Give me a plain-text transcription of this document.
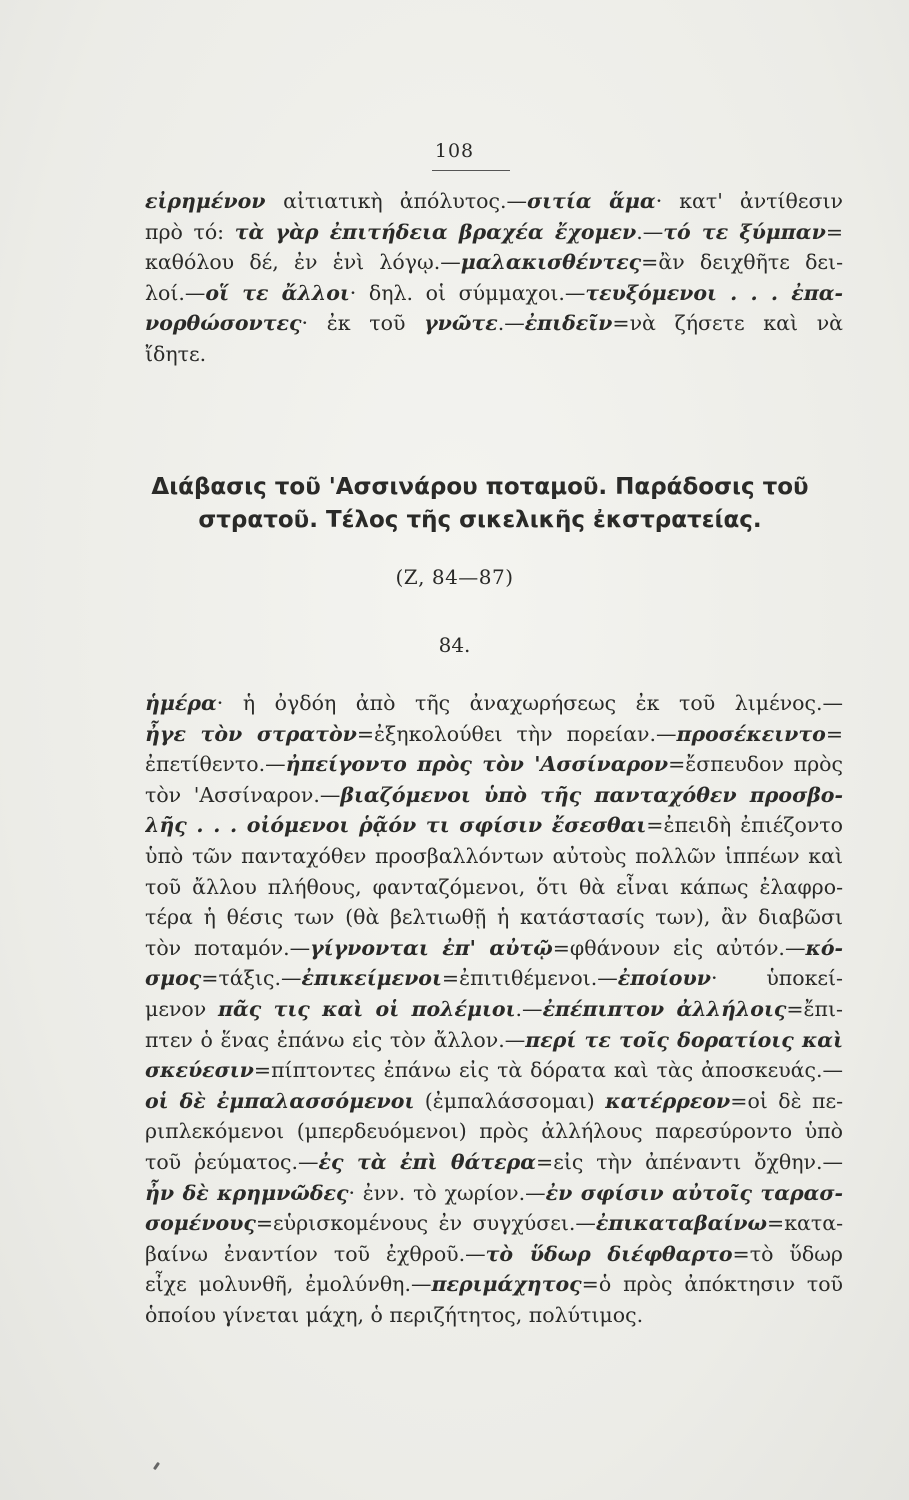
108
εἰρημένον αἰτιατικὴ ἀπόλυτος.—σιτία ἅμα· κατ' ἀντίθεσιν
πρὸ τό: τὰ γὰρ ἐπιτήδεια βραχέα ἔχομεν.—τό τε ξύμπαν=
καθόλου δέ, ἐν ἑνὶ λόγῳ.—μαλακισθέντες=ἂν δειχθῆτε δει-
λοί.—οἵ τε ἄλλοι· δηλ. οἱ σύμμαχοι.—τευξόμενοι . . . ἐπα-
νορθώσοντες· ἐκ τοῦ γνῶτε.—ἐπιδεῖν=νὰ ζήσετε καὶ νὰ
ἴδητε.
Διάβασις τοῦ 'Ασσινάρου ποταμοῦ. Παράδοσις τοῦ
στρατοῦ. Τέλος τῆς σικελικῆς ἐκστρατείας.
(Ζ, 84—87)
84.
ἡμέρα· ἡ ὀγδόη ἀπὸ τῆς ἀναχωρήσεως ἐκ τοῦ λιμένος.—
ἦγε τὸν στρατὸν=ἐξηκολούθει τὴν πορείαν.—προσέκειντο=
ἐπετίθεντο.—ἠπείγοντο πρὸς τὸν 'Ασσίναρον=ἔσπευδον πρὸς
τὸν 'Ασσίναρον.—βιαζόμενοι ὑπὸ τῆς πανταχόθεν προσβο-
λῆς . . . οἰόμενοι ῥᾷόν τι σφίσιν ἔσεσθαι=ἐπειδὴ ἐπιέζοντο
ὑπὸ τῶν πανταχόθεν προσβαλλόντων αὐτοὺς πολλῶν ἱππέων καὶ
τοῦ ἄλλου πλήθους, φανταζόμενοι, ὅτι θὰ εἶναι κάπως ἐλαφρο-
τέρα ἡ θέσις των (θὰ βελτιωθῇ ἡ κατάστασίς των), ἂν διαβῶσι
τὸν ποταμόν.—γίγνονται ἐπ' αὐτῷ=φθάνουν εἰς αὐτόν.—κό-
σμος=τάξις.—ἐπικείμενοι=ἐπιτιθέμενοι.—ἐποίουν· ὑποκεί-
μενον πᾶς τις καὶ οἱ πολέμιοι.—ἐπέπιπτον ἀλλήλοις=ἔπι-
πτεν ὁ ἕνας ἐπάνω εἰς τὸν ἄλλον.—περί τε τοῖς δορατίοις καὶ
σκεύεσιν=πίπτοντες ἐπάνω εἰς τὰ δόρατα καὶ τὰς ἀποσκευάς.—
οἱ δὲ ἐμπαλασσόμενοι (ἐμπαλάσσομαι) κατέρρεον=οἱ δὲ πε-
ριπλεκόμενοι (μπερδευόμενοι) πρὸς ἀλλήλους παρεσύροντο ὑπὸ
τοῦ ῥεύματος.—ἐς τὰ ἐπὶ θάτερα=εἰς τὴν ἀπέναντι ὄχθην.—
ἦν δὲ κρημνῶδες· ἐνν. τὸ χωρίον.—ἐν σφίσιν αὐτοῖς ταρασ-
σομένους=εὑρισκομένους ἐν συγχύσει.—ἐπικαταβαίνω=κατα-
βαίνω ἐναντίον τοῦ ἐχθροῦ.—τὸ ὕδωρ διέφθαρτο=τὸ ὕδωρ
εἶχε μολυνθῆ, ἐμολύνθη.—περιμάχητος=ὁ πρὸς ἀπόκτησιν τοῦ
ὁποίου γίνεται μάχη, ὁ περιζήτητος, πολύτιμος.
